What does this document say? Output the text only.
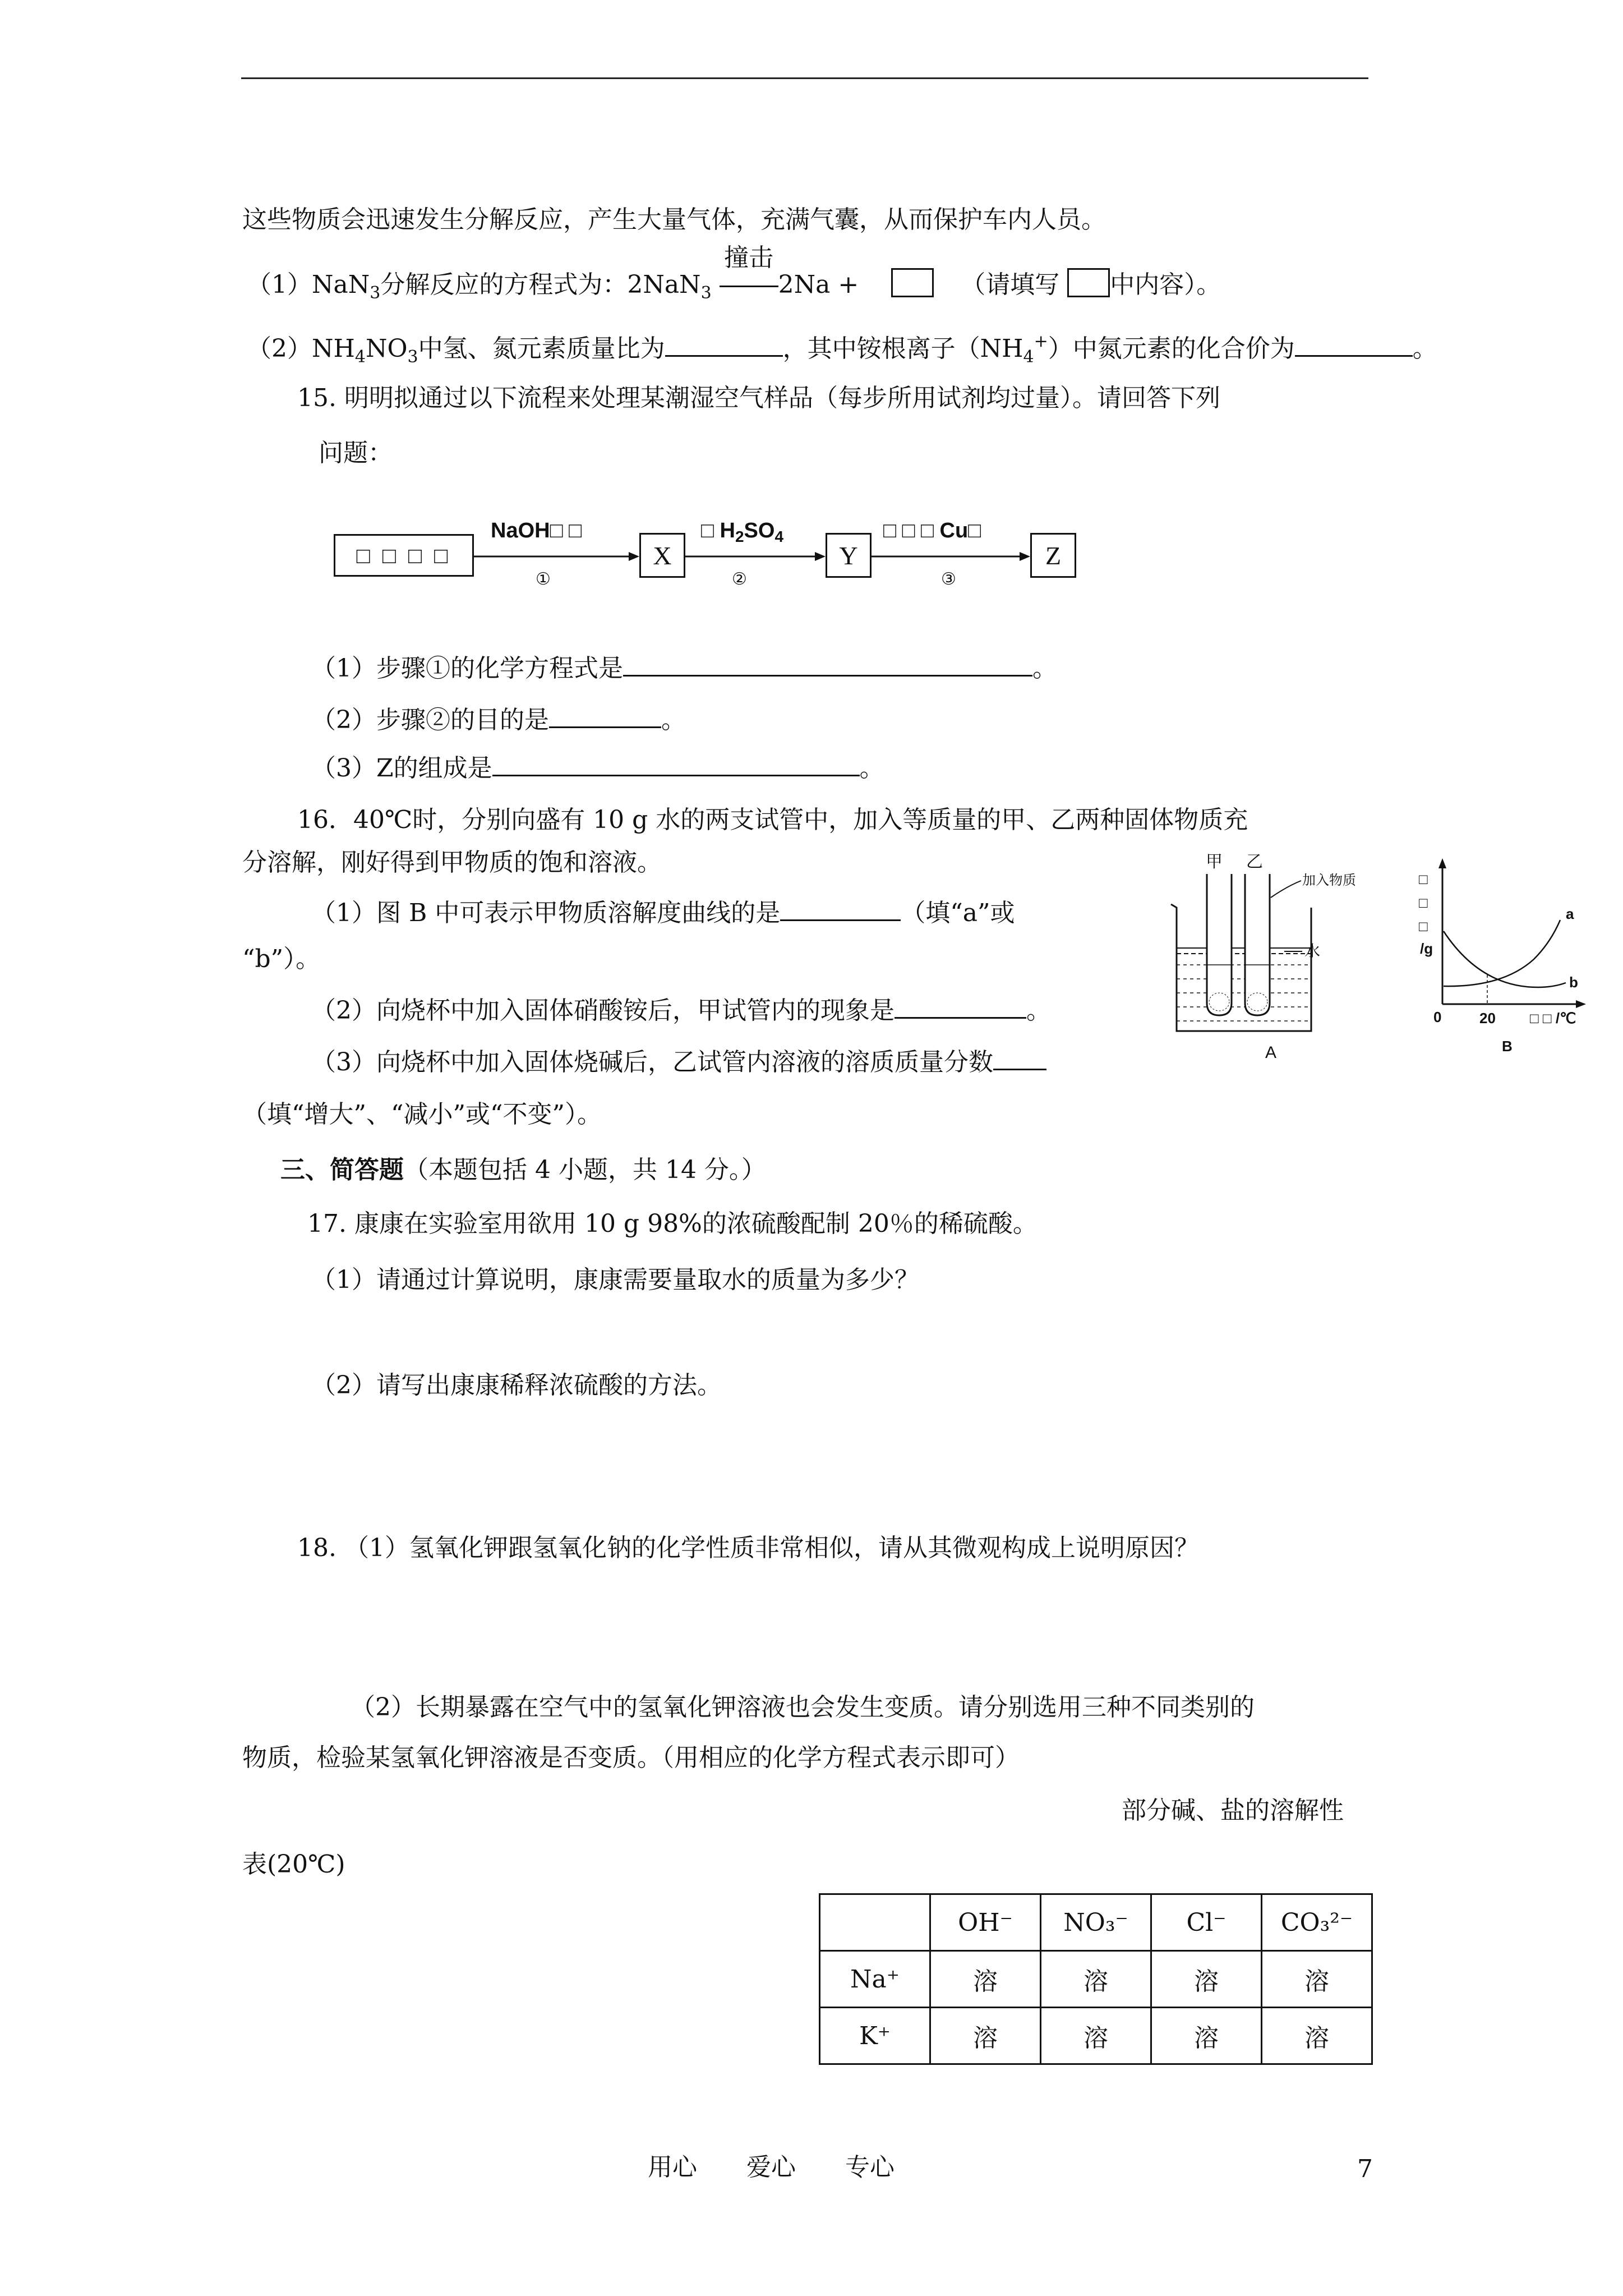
这些物质会迅速发生分解反应，产生大量气体，充满气囊，从而保护车内人员。
（1）NaN$_3$分解反应的方程式为：2NaN$_3$
撞击
2Na +	（请填写 中内容）。
$(2)NH_4NO_3$中氢、氮元素质量比为	，其中铵根离子$(NH_4^+)$中氮元素的化合价为	。
15. 明明拟通过以下流程来处理某潮湿空气样品（每步所用试剂均过量）。请回答下列
问题：
□ □ □ □
NaOH□ □
①
X
□ $H_2SO_4$
②
Y
□ □ □ Cu□
③
Z
（1）步骤①的化学方程式是	。
（2）步骤②的目的是	。
（3）Z的组成是	。
16．40℃时，分别向盛有 10 g 水的两支试管中，加入等质量的甲、乙两种固体物质充
分溶解，刚好得到甲物质的饱和溶液。
（1）图 B 中可表示甲物质溶解度曲线的是	（填“a”或
“b”）。
（2）向烧杯中加入固体硝酸铵后，甲试管内的现象是	。
（3）向烧杯中加入固体烧碱后，乙试管内溶液的溶质质量分数
（填“增大”、“减小”或“不变”）。
甲 乙
加入物质
水
A
□
□
□
/g
a
b
0	20 □ □ /℃
B
三、简答题（本题包括 4 小题，共 14 分。）
17. 康康在实验室用欲用 10 g 98%的浓硫酸配制 20％的稀硫酸。
（1）请通过计算说明，康康需要量取水的质量为多少？
（2）请写出康康稀释浓硫酸的方法。
18. （1）氢氧化钾跟氢氧化钠的化学性质非常相似，请从其微观构成上说明原因？
（2）长期暴露在空气中的氢氧化钾溶液也会发生变质。请分别选用三种不同类别的
物质，检验某氢氧化钾溶液是否变质。（用相应的化学方程式表示即可）
部分碱、盐的溶解性
表(20℃)
	OH⁻	NO₃⁻	Cl⁻	CO₃²⁻
Na⁺	溶	溶	溶	溶
K⁺	溶	溶	溶	溶
用心　　爱心　　专心	7
